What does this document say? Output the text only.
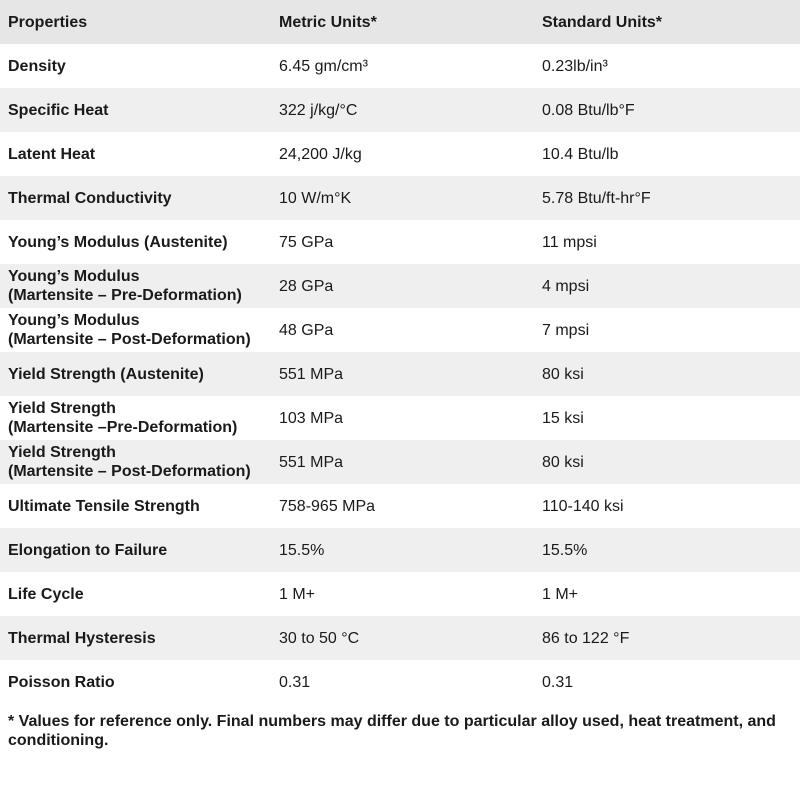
Properties	Metric Units*	Standard Units*
Density	6.45 gm/cm³	0.23lb/in³
Specific Heat	322 j/kg/°C	0.08 Btu/lb°F
Latent Heat	24,200 J/kg	10.4 Btu/lb
Thermal Conductivity	10 W/m°K	5.78 Btu/ft-hr°F
Young’s Modulus (Austenite)	75 GPa	11 mpsi
Young’s Modulus
(Martensite – Pre-Deformation)	28 GPa	4 mpsi
Young’s Modulus
(Martensite – Post-Deformation)	48 GPa	7 mpsi
Yield Strength (Austenite)	551 MPa	80 ksi
Yield Strength
(Martensite –Pre-Deformation)	103 MPa	15 ksi
Yield Strength
(Martensite – Post-Deformation)	551 MPa	80 ksi
Ultimate Tensile Strength	758-965 MPa	110-140 ksi
Elongation to Failure	15.5%	15.5%
Life Cycle	1 M+	1 M+
Thermal Hysteresis	30 to 50 °C	86 to 122 °F
Poisson Ratio	0.31	0.31
* Values for reference only. Final numbers may differ due to particular alloy used, heat treatment, and conditioning.
